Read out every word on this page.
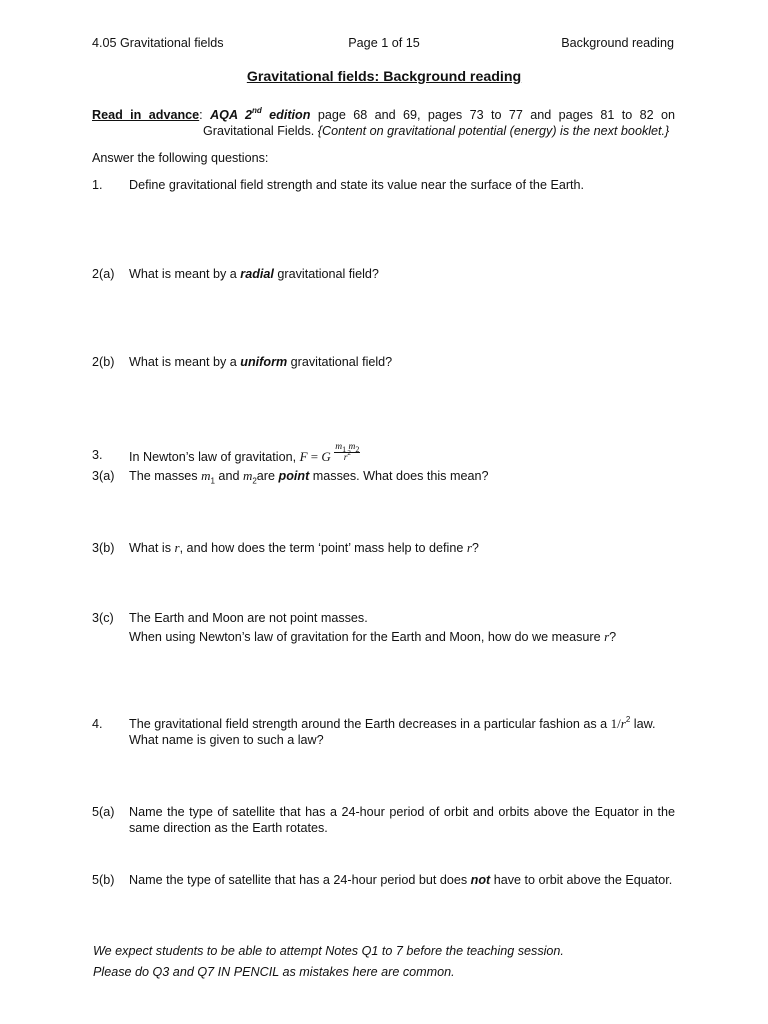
4.05 Gravitational fields	Page 1 of 15	Background reading
Gravitational fields: Background reading
Read in advance: AQA 2nd edition page 68 and 69, pages 73 to 77 and pages 81 to 82 on
Gravitational Fields. {Content on gravitational potential (energy) is the next booklet.}
Answer the following questions:
1. Define gravitational field strength and state its value near the surface of the Earth.
2(a) What is meant by a radial gravitational field?
2(b) What is meant by a uniform gravitational field?
3. In Newton’s law of gravitation, F = G $\frac{m_1 m_2}{r^2}$
3(a) The masses $m_1$ and $m_2are$ point masses. What does this mean?
3(b) What is r, and how does the term ‘point’ mass help to define r?
3(c) The Earth and Moon are not point masses.
When using Newton’s law of gravitation for the Earth and Moon, how do we measure r?
4. The gravitational field strength around the Earth decreases in a particular fashion as a $1/r^2$ law.
What name is given to such a law?
5(a) Name the type of satellite that has a 24-hour period of orbit and orbits above the Equator in the same direction as the Earth rotates.
5(b) Name the type of satellite that has a 24-hour period but does not have to orbit above the Equator.
We expect students to be able to attempt Notes Q1 to 7 before the teaching session.
Please do Q3 and Q7 IN PENCIL as mistakes here are common.
